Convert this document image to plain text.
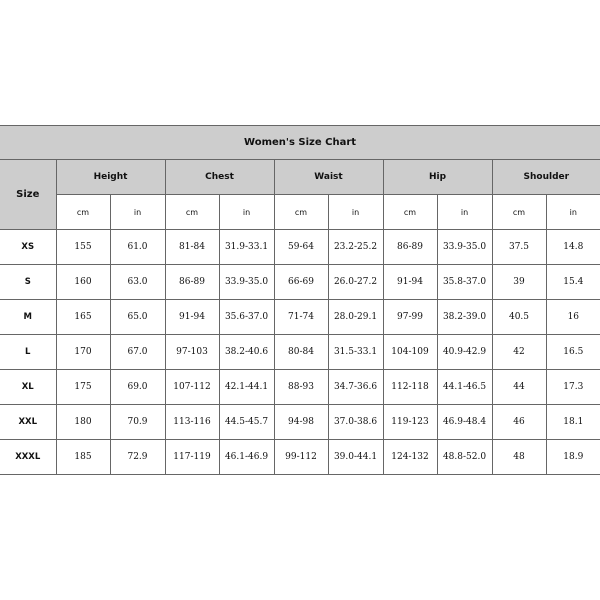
Women's Size Chart										
Size	Height		Chest		Waist		Hip		Shoulder	
	cm	in	cm	in	cm	in	cm	in	cm	in
XS	155	61.0	81-84	31.9-33.1	59-64	23.2-25.2	86-89	33.9-35.0	37.5	14.8
S	160	63.0	86-89	33.9-35.0	66-69	26.0-27.2	91-94	35.8-37.0	39	15.4
M	165	65.0	91-94	35.6-37.0	71-74	28.0-29.1	97-99	38.2-39.0	40.5	16
L	170	67.0	97-103	38.2-40.6	80-84	31.5-33.1	104-109	40.9-42.9	42	16.5
XL	175	69.0	107-112	42.1-44.1	88-93	34.7-36.6	112-118	44.1-46.5	44	17.3
XXL	180	70.9	113-116	44.5-45.7	94-98	37.0-38.6	119-123	46.9-48.4	46	18.1
XXXL	185	72.9	117-119	46.1-46.9	99-112	39.0-44.1	124-132	48.8-52.0	48	18.9
